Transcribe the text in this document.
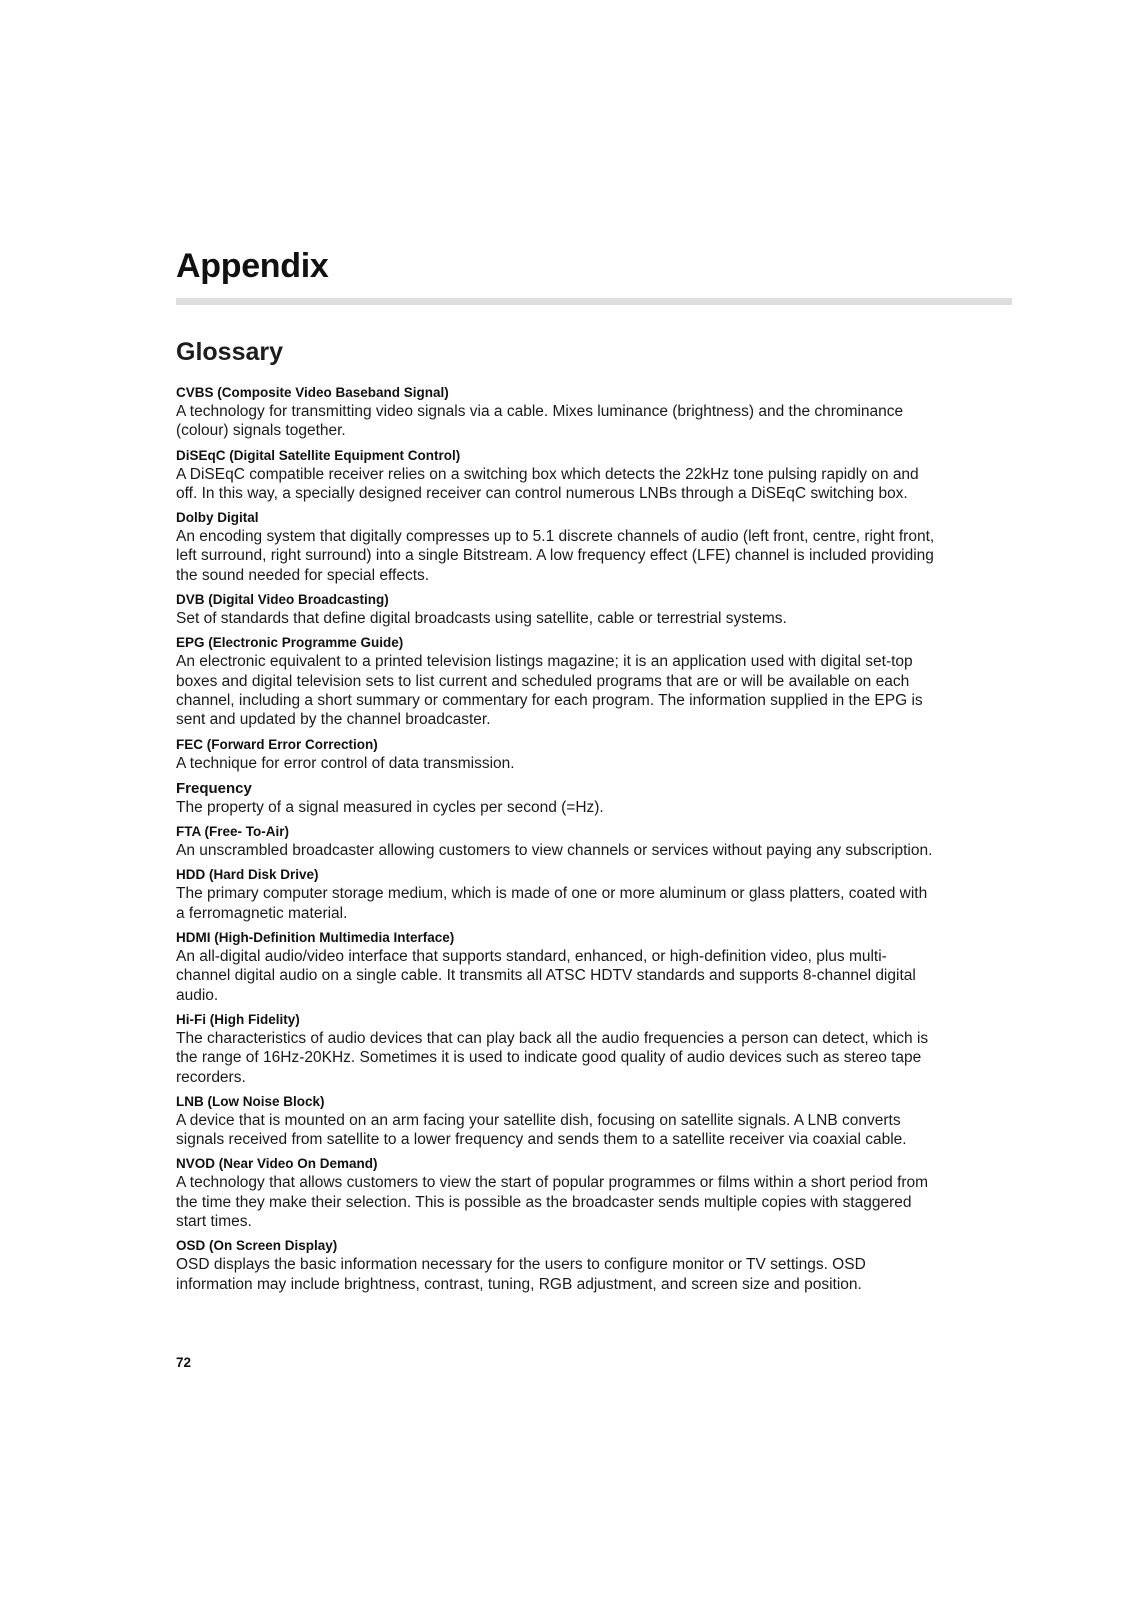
Appendix
Glossary
CVBS (Composite Video Baseband Signal)

A technology for transmitting video signals via a cable. Mixes luminance (brightness) and the chrominance (colour) signals together.

DiSEqC (Digital Satellite Equipment Control)

A DiSEqC compatible receiver relies on a switching box which detects the 22kHz tone pulsing rapidly on and off. In this way, a specially designed receiver can control numerous LNBs through a DiSEqC switching box.

Dolby Digital

An encoding system that digitally compresses up to 5.1 discrete channels of audio (left front, centre, right front, left surround, right surround) into a single Bitstream. A low frequency effect (LFE) channel is included providing the sound needed for special effects.

DVB (Digital Video Broadcasting)

Set of standards that define digital broadcasts using satellite, cable or terrestrial systems.

EPG (Electronic Programme Guide)

An electronic equivalent to a printed television listings magazine; it is an application used with digital set-top boxes and digital television sets to list current and scheduled programs that are or will be available on each channel, including a short summary or commentary for each program. The information supplied in the EPG is sent and updated by the channel broadcaster.

FEC (Forward Error Correction)

A technique for error control of data transmission.

Frequency

The property of a signal measured in cycles per second (=Hz).

FTA (Free- To-Air)

An unscrambled broadcaster allowing customers to view channels or services without paying any subscription.

HDD (Hard Disk Drive)

The primary computer storage medium, which is made of one or more aluminum or glass platters, coated with a ferromagnetic material.

HDMI (High-Definition Multimedia Interface)

An all-digital audio/video interface that supports standard, enhanced, or high-definition video, plus multi-channel digital audio on a single cable. It transmits all ATSC HDTV standards and supports 8-channel digital audio.

Hi-Fi (High Fidelity)

The characteristics of audio devices that can play back all the audio frequencies a person can detect, which is the range of 16Hz-20KHz. Sometimes it is used to indicate good quality of audio devices such as stereo tape recorders.

LNB (Low Noise Block)

A device that is mounted on an arm facing your satellite dish, focusing on satellite signals. A LNB converts signals received from satellite to a lower frequency and sends them to a satellite receiver via coaxial cable.

NVOD (Near Video On Demand)

A technology that allows customers to view the start of popular programmes or films within a short period from the time they make their selection. This is possible as the broadcaster sends multiple copies with staggered start times.

OSD (On Screen Display)

OSD displays the basic information necessary for the users to configure monitor or TV settings. OSD information may include brightness, contrast, tuning, RGB adjustment, and screen size and position.

72
